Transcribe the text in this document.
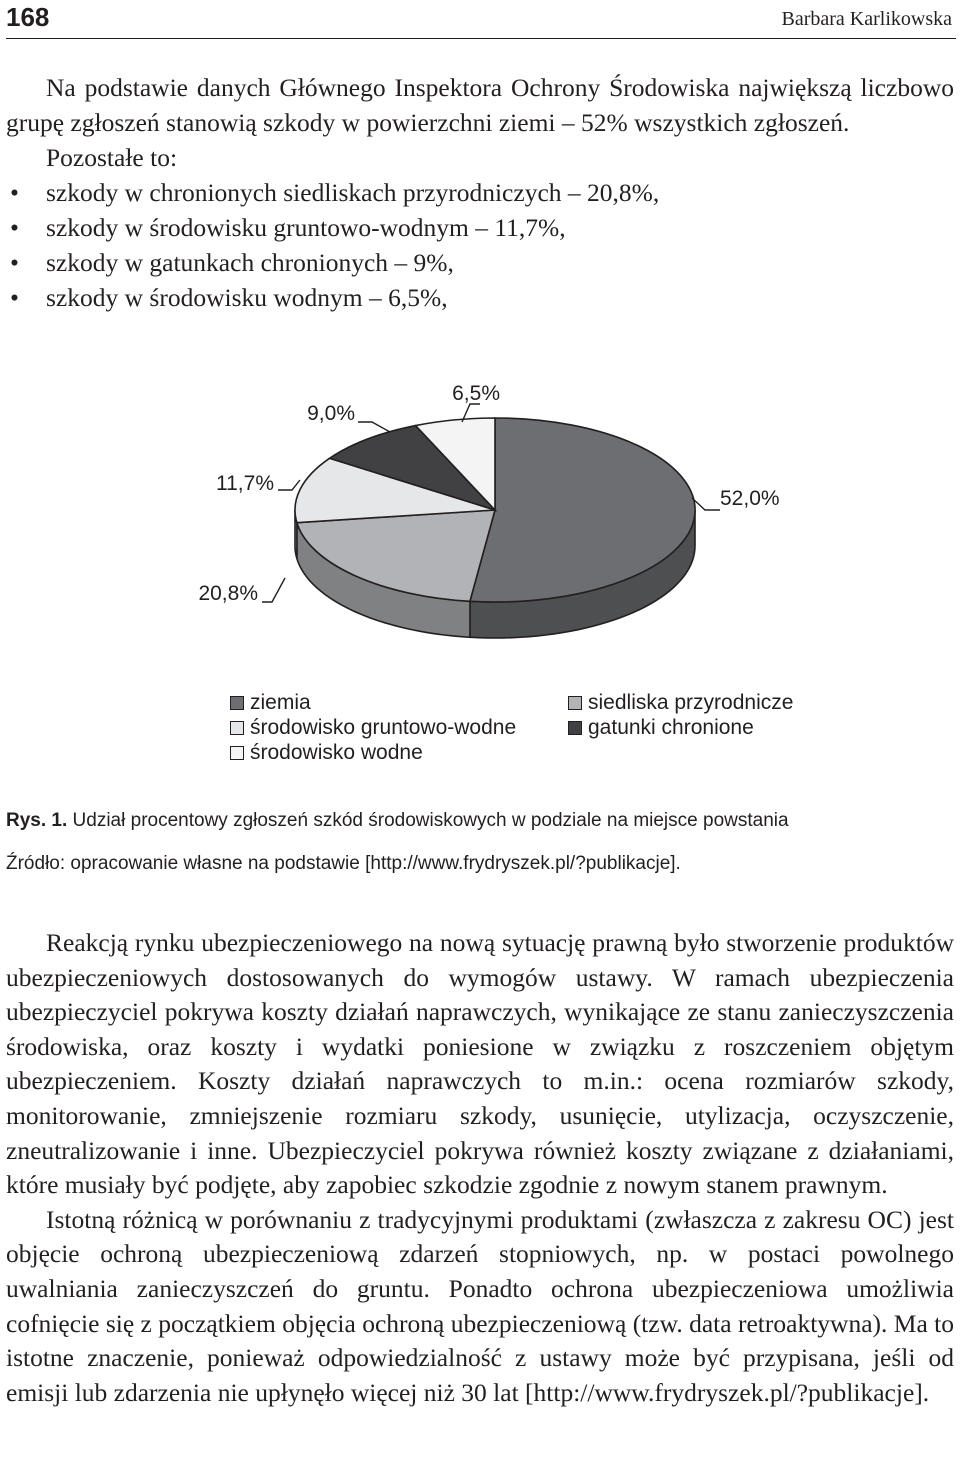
168	Barbara Karlikowska

Na podstawie danych Głównego Inspektora Ochrony Środowiska największą liczbowo grupę zgłoszeń stanowią szkody w powierzchni ziemi – 52% wszystkich zgłoszeń.

Pozostałe to:

• szkody w chronionych siedliskach przyrodniczych – 20,8%,
• szkody w środowisku gruntowo-wodnym – 11,7%,
• szkody w gatunkach chronionych – 9%,
• szkody w środowisku wodnym – 6,5%,
52,0%
20,8%
11,7%
9,0%
6,5%
ziemia
środowisko gruntowo-wodne
środowisko wodne
siedliska przyrodnicze
gatunki chronione
Rys. 1. Udział procentowy zgłoszeń szkód środowiskowych w podziale na miejsce powstania
Źródło: opracowanie własne na podstawie [http://www.frydryszek.pl/?publikacje].

Reakcją rynku ubezpieczeniowego na nową sytuację prawną było stworzenie produktów ubezpieczeniowych dostosowanych do wymogów ustawy. W ramach ubezpieczenia ubezpieczyciel pokrywa koszty działań naprawczych, wynikające ze stanu zanieczyszczenia środowiska, oraz koszty i wydatki poniesione w związku z roszczeniem objętym ubezpieczeniem. Koszty działań naprawczych to m.in.: ocena rozmiarów szkody, monitorowanie, zmniejszenie rozmiaru szkody, usunięcie, utylizacja, oczyszczenie, zneutralizowanie i inne. Ubezpieczyciel pokrywa również koszty związane z działaniami, które musiały być podjęte, aby zapobiec szkodzie zgodnie z nowym stanem prawnym.

Istotną różnicą w porównaniu z tradycyjnymi produktami (zwłaszcza z zakresu OC) jest objęcie ochroną ubezpieczeniową zdarzeń stopniowych, np. w postaci powolnego uwalniania zanieczyszczeń do gruntu. Ponadto ochrona ubezpieczeniowa umożliwia cofnięcie się z początkiem objęcia ochroną ubezpieczeniową (tzw. data retroaktywna). Ma to istotne znaczenie, ponieważ odpowiedzialność z ustawy może być przypisana, jeśli od emisji lub zdarzenia nie upłynęło więcej niż 30 lat [http://www.frydryszek.pl/?publikacje].
